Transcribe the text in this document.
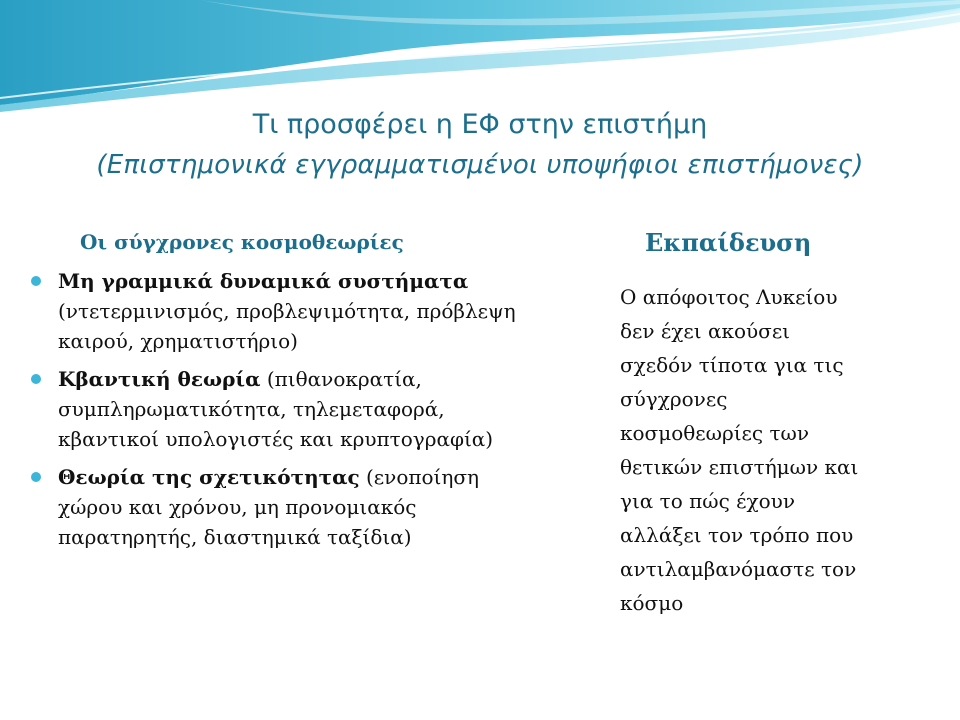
Τι προσφέρει η ΕΦ στην επιστήμη
(Επιστημονικά εγγραμματισμένοι υποψήφιοι επιστήμονες)
Οι σύγχρονες κοσμοθεωρίες	Εκπαίδευση
Μη γραμμικά δυναμικά συστήματα (ντετερμινισμός, προβλεψιμότητα, πρόβλεψη καιρού, χρηματιστήριο)
Κβαντική θεωρία (πιθανοκρατία, συμπληρωματικότητα, τηλεμεταφορά, κβαντικοί υπολογιστές και κρυπτογραφία)
Θεωρία της σχετικότητας (ενοποίηση χώρου και χρόνου, μη προνομιακός παρατηρητής, διαστημικά ταξίδια)
Ο απόφοιτος Λυκείου
δεν έχει ακούσει
σχεδόν τίποτα για τις
σύγχρονες
κοσμοθεωρίες των
θετικών επιστήμων και
για το πώς έχουν
αλλάξει τον τρόπο που
αντιλαμβανόμαστε τον
κόσμο
